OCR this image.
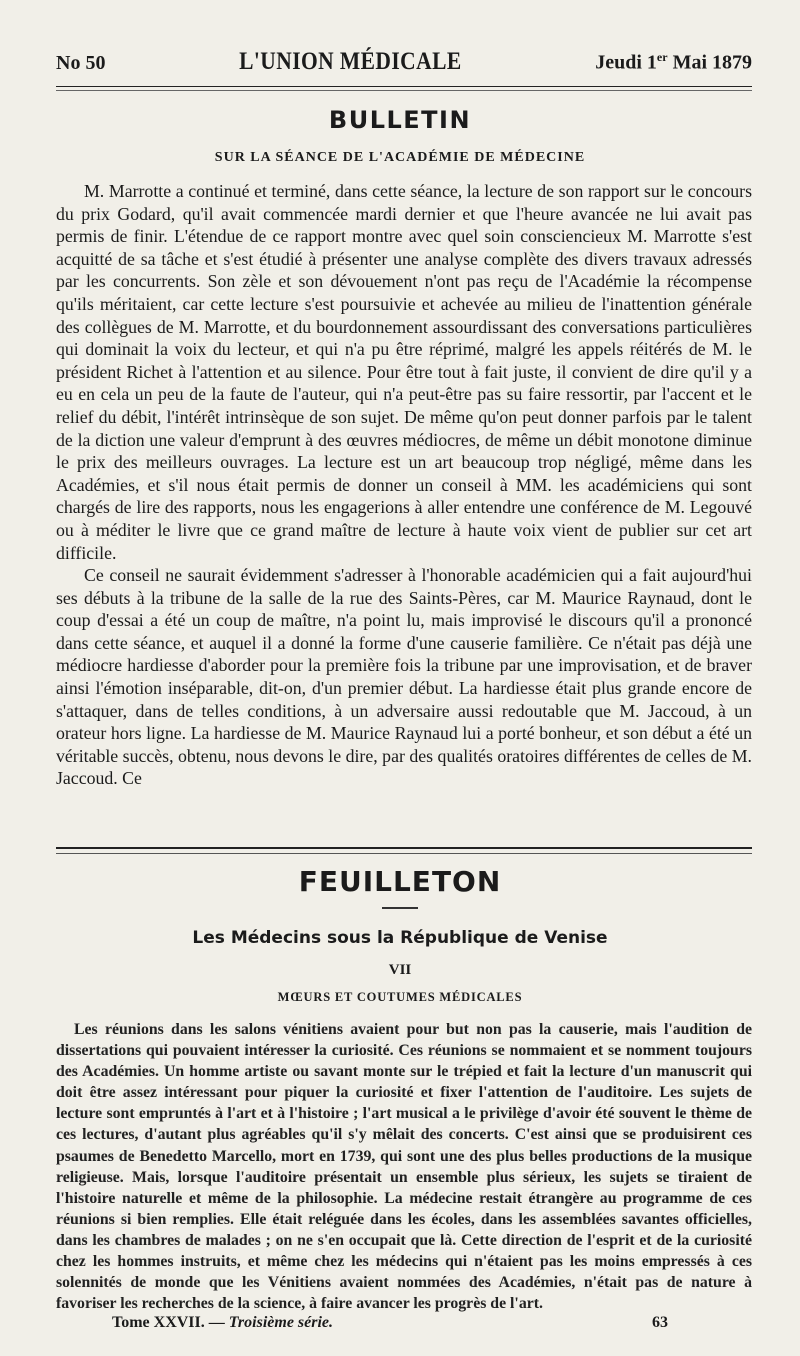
No 50	L'UNION MÉDICALE	Jeudi 1er Mai 1879
BULLETIN
SUR LA SÉANCE DE L'ACADÉMIE DE MÉDECINE

M. Marrotte a continué et terminé, dans cette séance, la lecture de son rapport sur le concours du prix Godard, qu'il avait commencée mardi dernier et que l'heure avancée ne lui avait pas permis de finir. L'étendue de ce rapport montre avec quel soin consciencieux M. Marrotte s'est acquitté de sa tâche et s'est étudié à présenter une analyse complète des divers travaux adressés par les concurrents. Son zèle et son dévouement n'ont pas reçu de l'Académie la récompense qu'ils méritaient, car cette lecture s'est poursuivie et achevée au milieu de l'inattention générale des collègues de M. Marrotte, et du bourdonnement assourdissant des conversations particulières qui dominait la voix du lecteur, et qui n'a pu être réprimé, malgré les appels réitérés de M. le président Richet à l'attention et au silence. Pour être tout à fait juste, il convient de dire qu'il y a eu en cela un peu de la faute de l'auteur, qui n'a peut-être pas su faire ressortir, par l'accent et le relief du débit, l'intérêt intrinsèque de son sujet. De même qu'on peut donner parfois par le talent de la diction une valeur d'emprunt à des œuvres médiocres, de même un débit monotone diminue le prix des meilleurs ouvrages. La lecture est un art beaucoup trop négligé, même dans les Académies, et s'il nous était permis de donner un conseil à MM. les académiciens qui sont chargés de lire des rapports, nous les engagerions à aller entendre une conférence de M. Legouvé ou à méditer le livre que ce grand maître de lecture à haute voix vient de publier sur cet art difficile.

Ce conseil ne saurait évidemment s'adresser à l'honorable académicien qui a fait aujourd'hui ses débuts à la tribune de la salle de la rue des Saints-Pères, car M. Maurice Raynaud, dont le coup d'essai a été un coup de maître, n'a point lu, mais improvisé le discours qu'il a prononcé dans cette séance, et auquel il a donné la forme d'une causerie familière. Ce n'était pas déjà une médiocre hardiesse d'aborder pour la première fois la tribune par une improvisation, et de braver ainsi l'émotion inséparable, dit-on, d'un premier début. La hardiesse était plus grande encore de s'attaquer, dans de telles conditions, à un adversaire aussi redoutable que M. Jaccoud, à un orateur hors ligne. La hardiesse de M. Maurice Raynaud lui a porté bonheur, et son début a été un véritable succès, obtenu, nous devons le dire, par des qualités oratoires différentes de celles de M. Jaccoud. Ce

FEUILLETON
Les Médecins sous la République de Venise
VII
MŒURS ET COUTUMES MÉDICALES

Les réunions dans les salons vénitiens avaient pour but non pas la causerie, mais l'audition de dissertations qui pouvaient intéresser la curiosité. Ces réunions se nommaient et se nomment toujours des Académies. Un homme artiste ou savant monte sur le trépied et fait la lecture d'un manuscrit qui doit être assez intéressant pour piquer la curiosité et fixer l'attention de l'auditoire. Les sujets de lecture sont empruntés à l'art et à l'histoire ; l'art musical a le privilège d'avoir été souvent le thème de ces lectures, d'autant plus agréables qu'il s'y mêlait des concerts. C'est ainsi que se produisirent ces psaumes de Benedetto Marcello, mort en 1739, qui sont une des plus belles productions de la musique religieuse. Mais, lorsque l'auditoire présentait un ensemble plus sérieux, les sujets se tiraient de l'histoire naturelle et même de la philosophie. La médecine restait étrangère au programme de ces réunions si bien remplies. Elle était reléguée dans les écoles, dans les assemblées savantes officielles, dans les chambres de malades ; on ne s'en occupait que là. Cette direction de l'esprit et de la curiosité chez les hommes instruits, et même chez les médecins qui n'étaient pas les moins empressés à ces solennités de monde que les Vénitiens avaient nommées des Académies, n'était pas de nature à favoriser les recherches de la science, à faire avancer les progrès de l'art.

Tome XXVII. — Troisième série.	63
